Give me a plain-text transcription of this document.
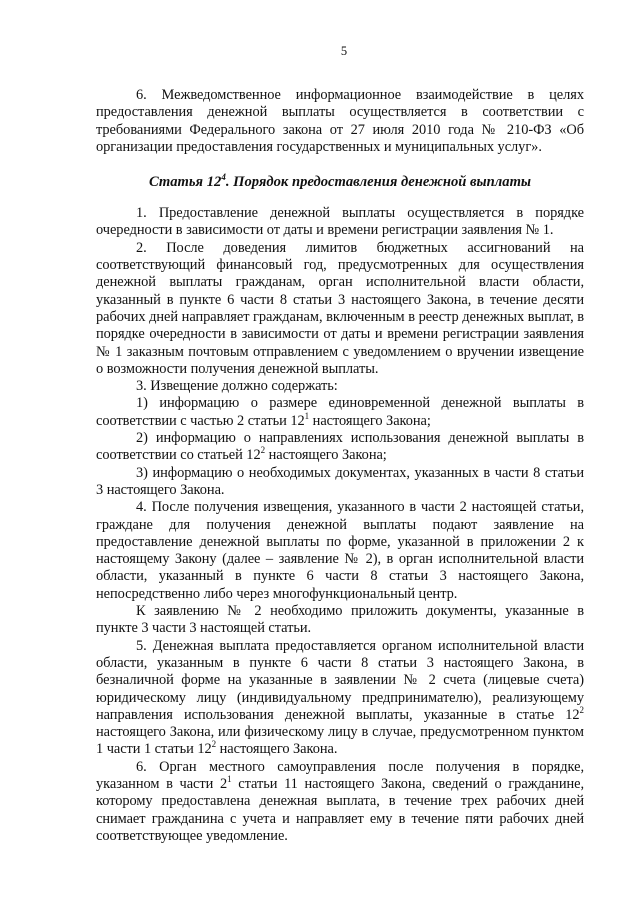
5

6. Межведомственное информационное взаимодействие в целях предоставления денежной выплаты осуществляется в соответствии с требованиями Федерального закона от 27 июля 2010 года № 210-ФЗ «Об организации предоставления государственных и муниципальных услуг».

Статья $12^4$. Порядок предоставления денежной выплаты

1. Предоставление денежной выплаты осуществляется в порядке очередности в зависимости от даты и времени регистрации заявления № 1.

2. После доведения лимитов бюджетных ассигнований на соответствующий финансовый год, предусмотренных для осуществления денежной выплаты гражданам, орган исполнительной власти области, указанный в пункте 6 части 8 статьи 3 настоящего Закона, в течение десяти рабочих дней направляет гражданам, включенным в реестр денежных выплат, в порядке очередности в зависимости от даты и времени регистрации заявления № 1 заказным почтовым отправлением с уведомлением о вручении извещение о возможности получения денежной выплаты.

3. Извещение должно содержать:

1) информацию о размере единовременной денежной выплаты в соответствии с частью 2 статьи $12^1$ настоящего Закона;

2) информацию о направлениях использования денежной выплаты в соответствии со статьей $12^2$ настоящего Закона;

3) информацию о необходимых документах, указанных в части 8 статьи 3 настоящего Закона.

4. После получения извещения, указанного в части 2 настоящей статьи, граждане для получения денежной выплаты подают заявление на предоставление денежной выплаты по форме, указанной в приложении 2 к настоящему Закону (далее – заявление № 2), в орган исполнительной власти области, указанный в пункте 6 части 8 статьи 3 настоящего Закона, непосредственно либо через многофункциональный центр.

К заявлению № 2 необходимо приложить документы, указанные в пункте 3 части 3 настоящей статьи.

5. Денежная выплата предоставляется органом исполнительной власти области, указанным в пункте 6 части 8 статьи 3 настоящего Закона, в безналичной форме на указанные в заявлении № 2 счета (лицевые счета) юридическому лицу (индивидуальному предпринимателю), реализующему направления использования денежной выплаты, указанные в статье $12^2$ настоящего Закона, или физическому лицу в случае, предусмотренном пунктом 1 части 1 статьи $12^2$ настоящего Закона.

6. Орган местного самоуправления после получения в порядке, указанном в части $2^1$ статьи 11 настоящего Закона, сведений о гражданине, которому предоставлена денежная выплата, в течение трех рабочих дней снимает гражданина с учета и направляет ему в течение пяти рабочих дней соответствующее уведомление.
